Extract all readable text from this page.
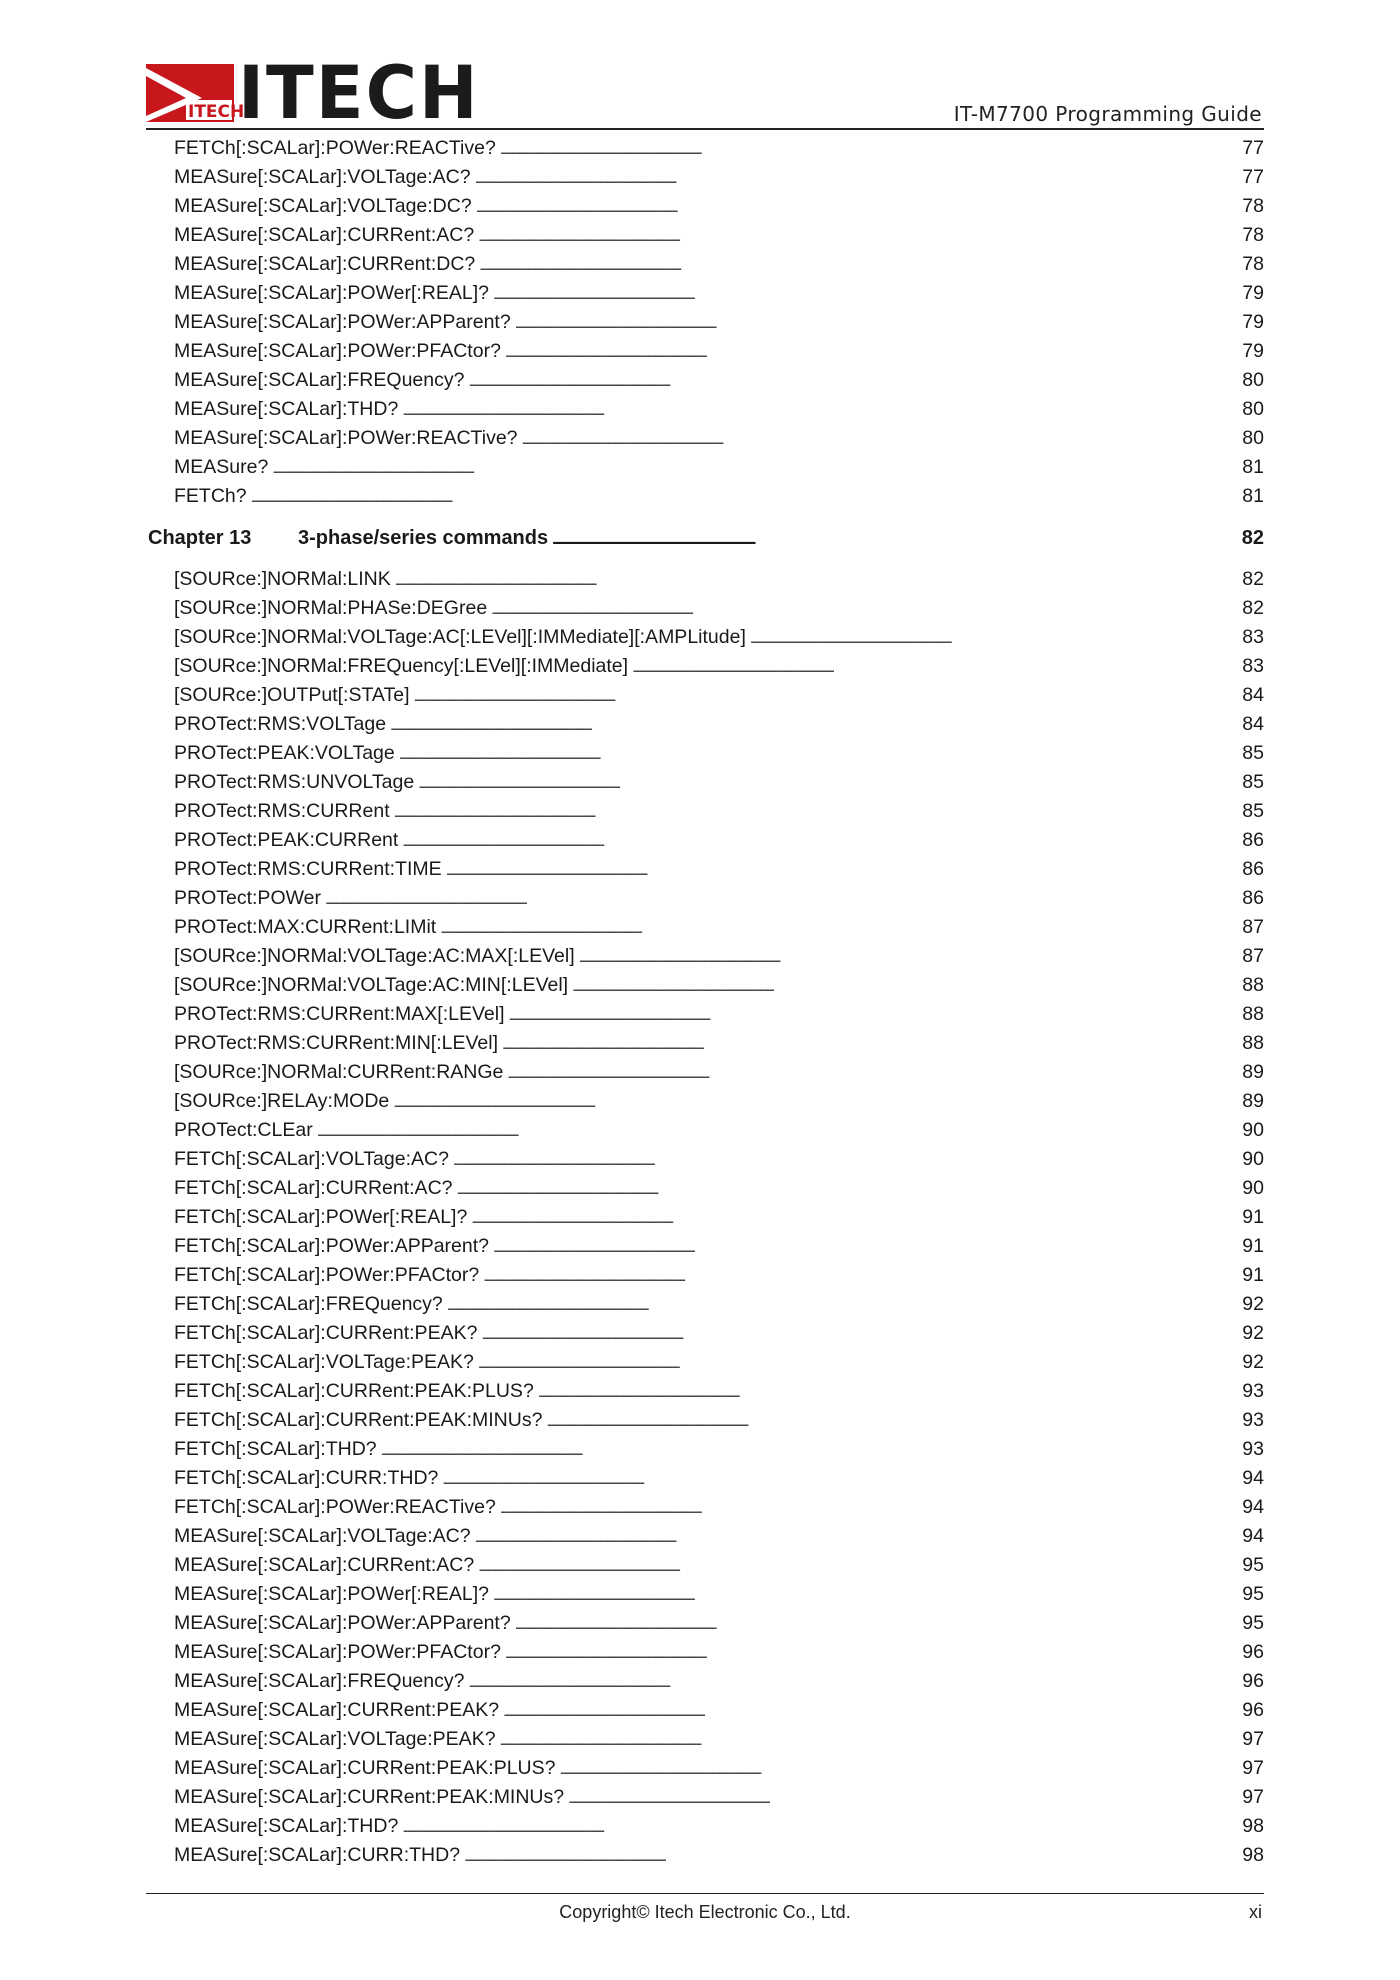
ITECH
ITECH	IT-M7700 Programming Guide
FETCh[:SCALar]:POWer:REACTive? . . .	77
MEASure[:SCALar]:VOLTage:AC? . . .	77
MEASure[:SCALar]:VOLTage:DC? . . .	78
MEASure[:SCALar]:CURRent:AC? . . .	78
MEASure[:SCALar]:CURRent:DC? . . .	78
MEASure[:SCALar]:POWer[:REAL]? . . .	79
MEASure[:SCALar]:POWer:APParent? . . .	79
MEASure[:SCALar]:POWer:PFACtor? . . .	79
MEASure[:SCALar]:FREQuency? . . .	80
MEASure[:SCALar]:THD? . . .	80
MEASure[:SCALar]:POWer:REACTive? . . .	80
MEASure? . . .	81
FETCh? . . .	81
Chapter 13	3-phase/series commands . . .	82
[SOURce:]NORMal:LINK . . .	82
[SOURce:]NORMal:PHASe:DEGree . . .	82
[SOURce:]NORMal:VOLTage:AC[:LEVel][:IMMediate][:AMPLitude] . . .	83
[SOURce:]NORMal:FREQuency[:LEVel][:IMMediate] . . .	83
[SOURce:]OUTPut[:STATe] . . .	84
PROTect:RMS:VOLTage . . .	84
PROTect:PEAK:VOLTage . . .	85
PROTect:RMS:UNVOLTage . . .	85
PROTect:RMS:CURRent . . .	85
PROTect:PEAK:CURRent . . .	86
PROTect:RMS:CURRent:TIME . . .	86
PROTect:POWer . . .	86
PROTect:MAX:CURRent:LIMit . . .	87
[SOURce:]NORMal:VOLTage:AC:MAX[:LEVel] . . .	87
[SOURce:]NORMal:VOLTage:AC:MIN[:LEVel] . . .	88
PROTect:RMS:CURRent:MAX[:LEVel] . . .	88
PROTect:RMS:CURRent:MIN[:LEVel] . . .	88
[SOURce:]NORMal:CURRent:RANGe . . .	89
[SOURce:]RELAy:MODe . . .	89
PROTect:CLEar . . .	90
FETCh[:SCALar]:VOLTage:AC? . . .	90
FETCh[:SCALar]:CURRent:AC? . . .	90
FETCh[:SCALar]:POWer[:REAL]? . . .	91
FETCh[:SCALar]:POWer:APParent? . . .	91
FETCh[:SCALar]:POWer:PFACtor? . . .	91
FETCh[:SCALar]:FREQuency? . . .	92
FETCh[:SCALar]:CURRent:PEAK? . . .	92
FETCh[:SCALar]:VOLTage:PEAK? . . .	92
FETCh[:SCALar]:CURRent:PEAK:PLUS? . . .	93
FETCh[:SCALar]:CURRent:PEAK:MINUs? . . .	93
FETCh[:SCALar]:THD? . . .	93
FETCh[:SCALar]:CURR:THD? . . .	94
FETCh[:SCALar]:POWer:REACTive? . . .	94
MEASure[:SCALar]:VOLTage:AC? . . .	94
MEASure[:SCALar]:CURRent:AC? . . .	95
MEASure[:SCALar]:POWer[:REAL]? . . .	95
MEASure[:SCALar]:POWer:APParent? . . .	95
MEASure[:SCALar]:POWer:PFACtor? . . .	96
MEASure[:SCALar]:FREQuency? . . .	96
MEASure[:SCALar]:CURRent:PEAK? . . .	96
MEASure[:SCALar]:VOLTage:PEAK? . . .	97
MEASure[:SCALar]:CURRent:PEAK:PLUS? . . .	97
MEASure[:SCALar]:CURRent:PEAK:MINUs? . . .	97
MEASure[:SCALar]:THD? . . .	98
MEASure[:SCALar]:CURR:THD? . . .	98
Copyright© Itech Electronic Co., Ltd.	xi
